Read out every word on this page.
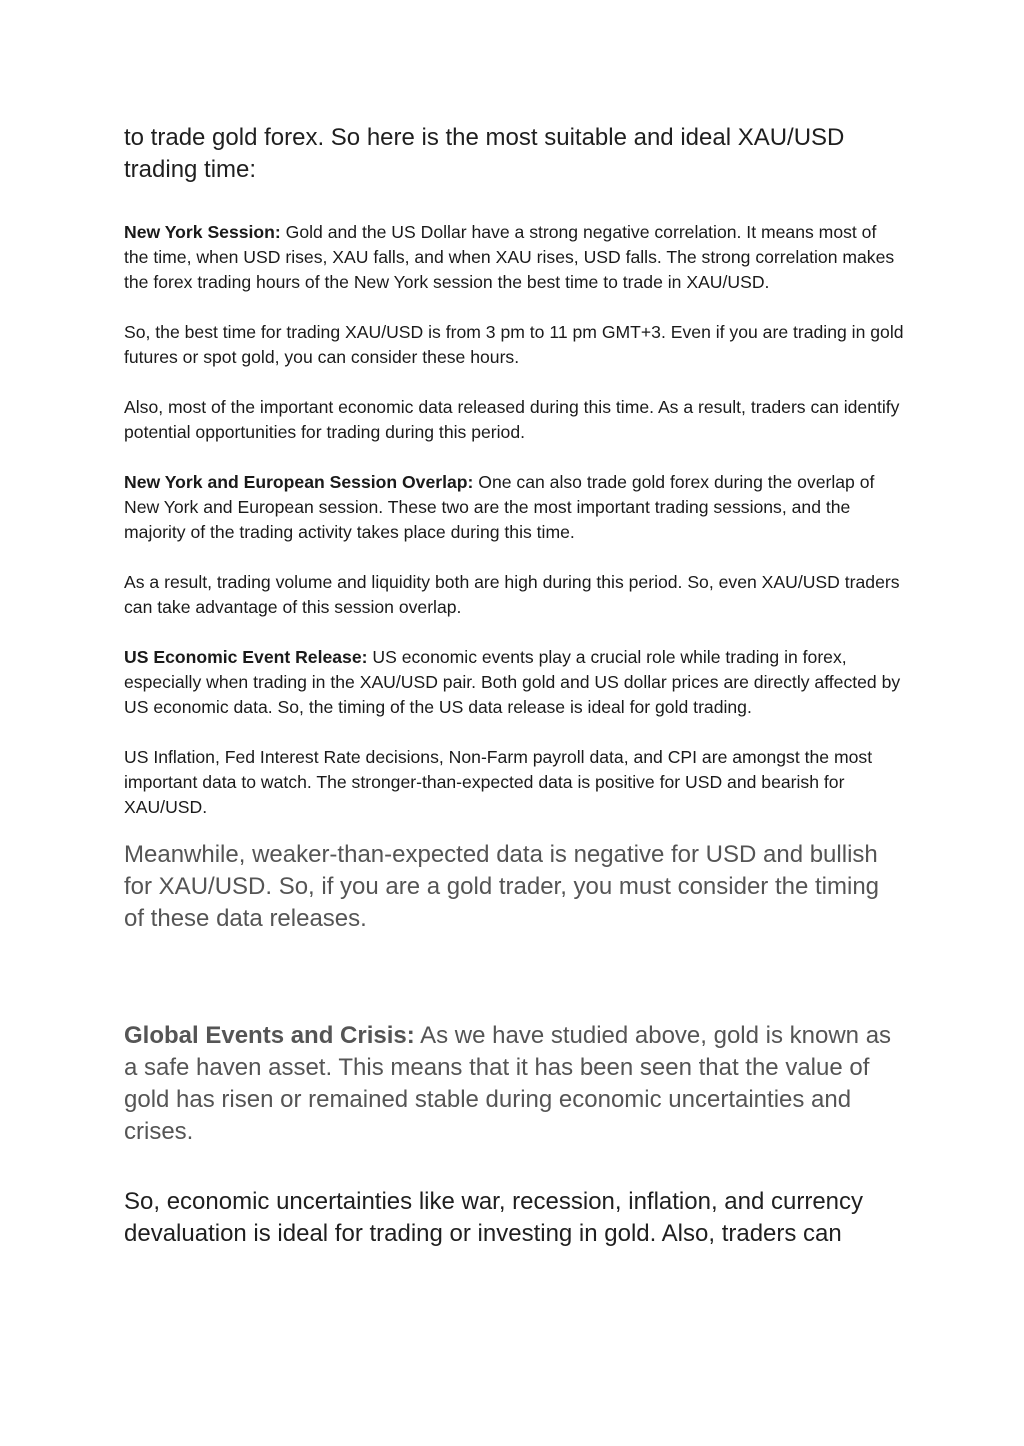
to trade gold forex. So here is the most suitable and ideal XAU/USD trading time:

New York Session: Gold and the US Dollar have a strong negative correlation. It means most of the time, when USD rises, XAU falls, and when XAU rises, USD falls. The strong correlation makes the forex trading hours of the New York session the best time to trade in XAU/USD.

So, the best time for trading XAU/USD is from 3 pm to 11 pm GMT+3. Even if you are trading in gold futures or spot gold, you can consider these hours.

Also, most of the important economic data released during this time. As a result, traders can identify potential opportunities for trading during this period.

New York and European Session Overlap: One can also trade gold forex during the overlap of New York and European session. These two are the most important trading sessions, and the majority of the trading activity takes place during this time.

As a result, trading volume and liquidity both are high during this period. So, even XAU/USD traders can take advantage of this session overlap.

US Economic Event Release: US economic events play a crucial role while trading in forex, especially when trading in the XAU/USD pair. Both gold and US dollar prices are directly affected by US economic data. So, the timing of the US data release is ideal for gold trading.

US Inflation, Fed Interest Rate decisions, Non-Farm payroll data, and CPI are amongst the most important data to watch. The stronger-than-expected data is positive for USD and bearish for XAU/USD.

Meanwhile, weaker-than-expected data is negative for USD and bullish for XAU/USD. So, if you are a gold trader, you must consider the timing of these data releases.

Global Events and Crisis: As we have studied above, gold is known as a safe haven asset. This means that it has been seen that the value of gold has risen or remained stable during economic uncertainties and crises.

So, economic uncertainties like war, recession, inflation, and currency devaluation is ideal for trading or investing in gold. Also, traders can
